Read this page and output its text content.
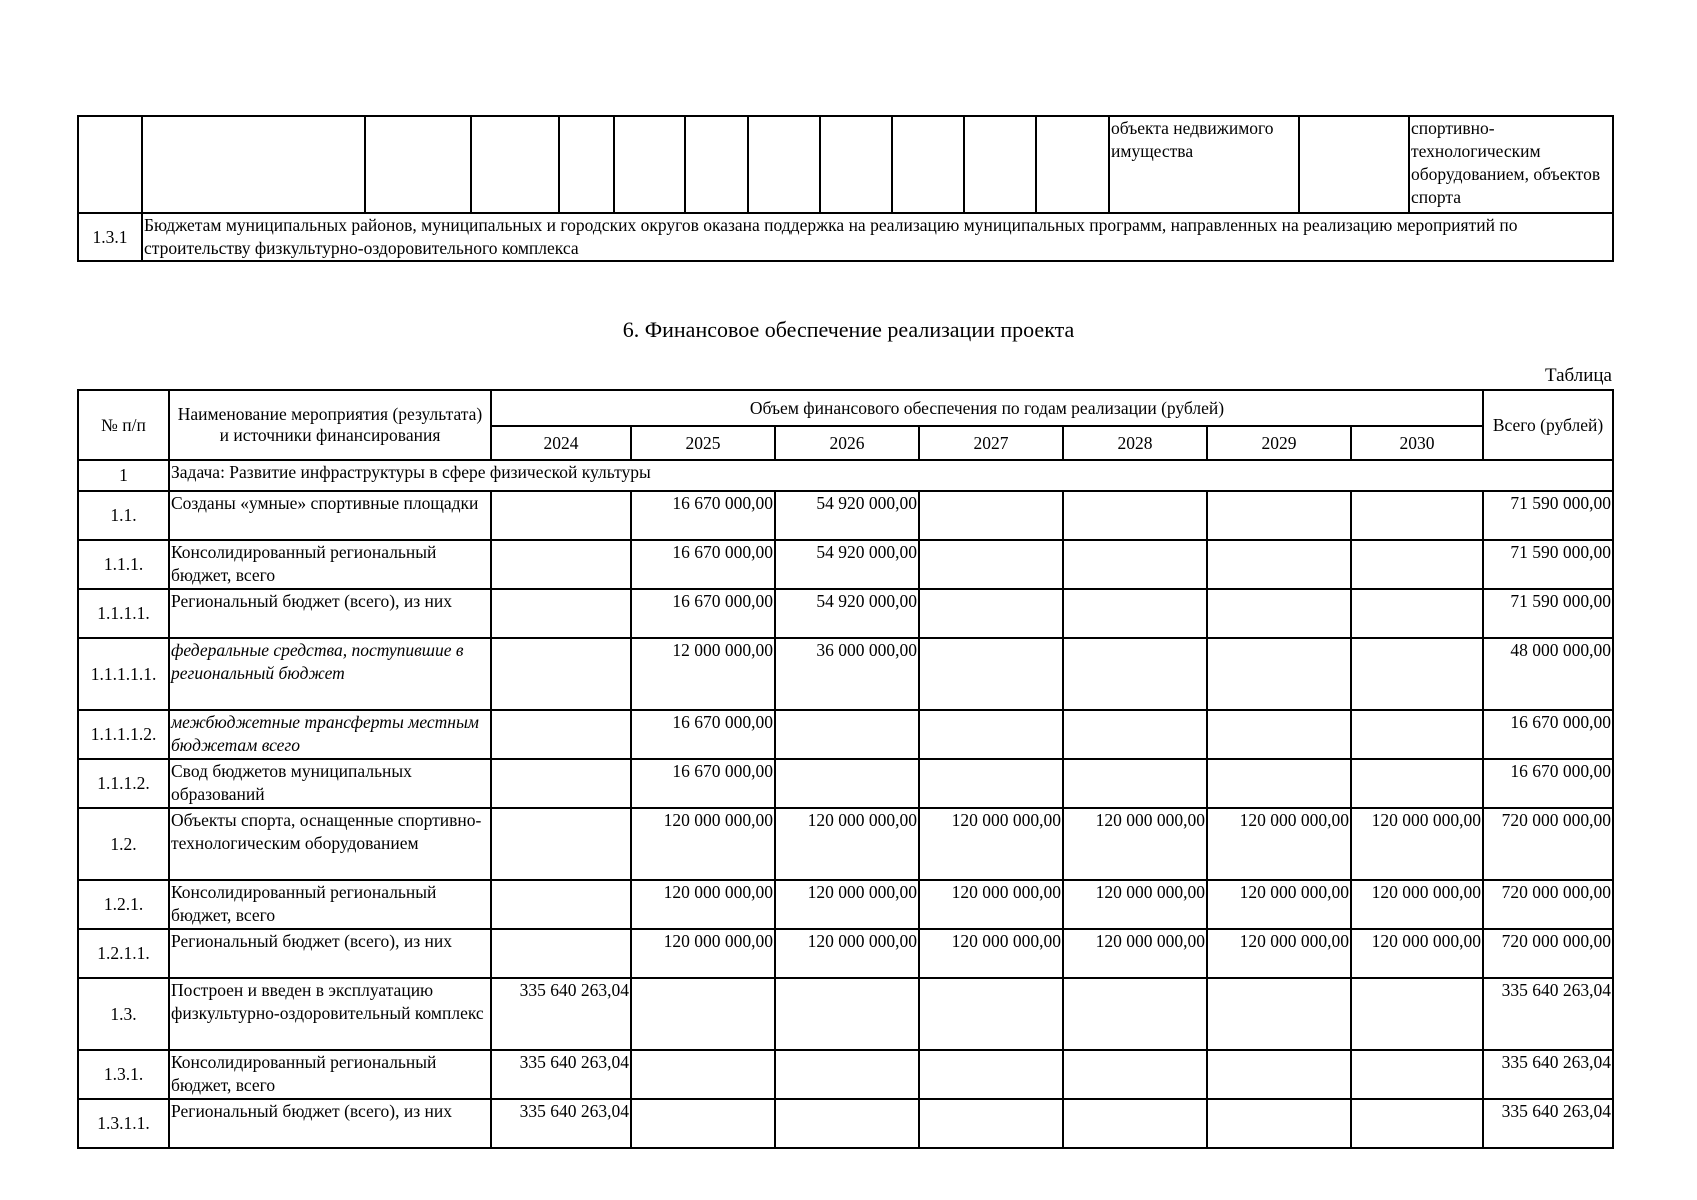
												объекта недвижимого имущества		спортивно-технологическим оборудованием, объектов спорта
1.3.1	Бюджетам муниципальных районов, муниципальных и городских округов оказана поддержка на реализацию муниципальных программ, направленных на реализацию мероприятий по строительству физкультурно-оздоровительного комплекса													
6. Финансовое обеспечение реализации проекта
Таблица
№ п/п	Наименование мероприятия (результата) и источники финансирования	Объем финансового обеспечения по годам реализации (рублей)							Всего (рублей)
		2024	2025	2026	2027	2028	2029	2030	
1	Задача: Развитие инфраструктуры в сфере физической культуры								
1.1.	Созданы «умные» спортивные площадки		16 670 000,00	54 920 000,00					71 590 000,00
1.1.1.	Консолидированный региональный бюджет, всего		16 670 000,00	54 920 000,00					71 590 000,00
1.1.1.1.	Региональный бюджет (всего), из них		16 670 000,00	54 920 000,00					71 590 000,00
1.1.1.1.1.	федеральные средства, поступившие в региональный бюджет		12 000 000,00	36 000 000,00					48 000 000,00
1.1.1.1.2.	межбюджетные трансферты местным бюджетам всего		16 670 000,00						16 670 000,00
1.1.1.2.	Свод бюджетов муниципальных образований		16 670 000,00						16 670 000,00
1.2.	Объекты спорта, оснащенные спортивно-технологическим оборудованием		120 000 000,00	120 000 000,00	120 000 000,00	120 000 000,00	120 000 000,00	120 000 000,00	720 000 000,00
1.2.1.	Консолидированный региональный бюджет, всего		120 000 000,00	120 000 000,00	120 000 000,00	120 000 000,00	120 000 000,00	120 000 000,00	720 000 000,00
1.2.1.1.	Региональный бюджет (всего), из них		120 000 000,00	120 000 000,00	120 000 000,00	120 000 000,00	120 000 000,00	120 000 000,00	720 000 000,00
1.3.	Построен и введен в эксплуатацию физкультурно-оздоровительный комплекс	335 640 263,04							335 640 263,04
1.3.1.	Консолидированный региональный бюджет, всего	335 640 263,04							335 640 263,04
1.3.1.1.	Региональный бюджет (всего), из них	335 640 263,04							335 640 263,04
